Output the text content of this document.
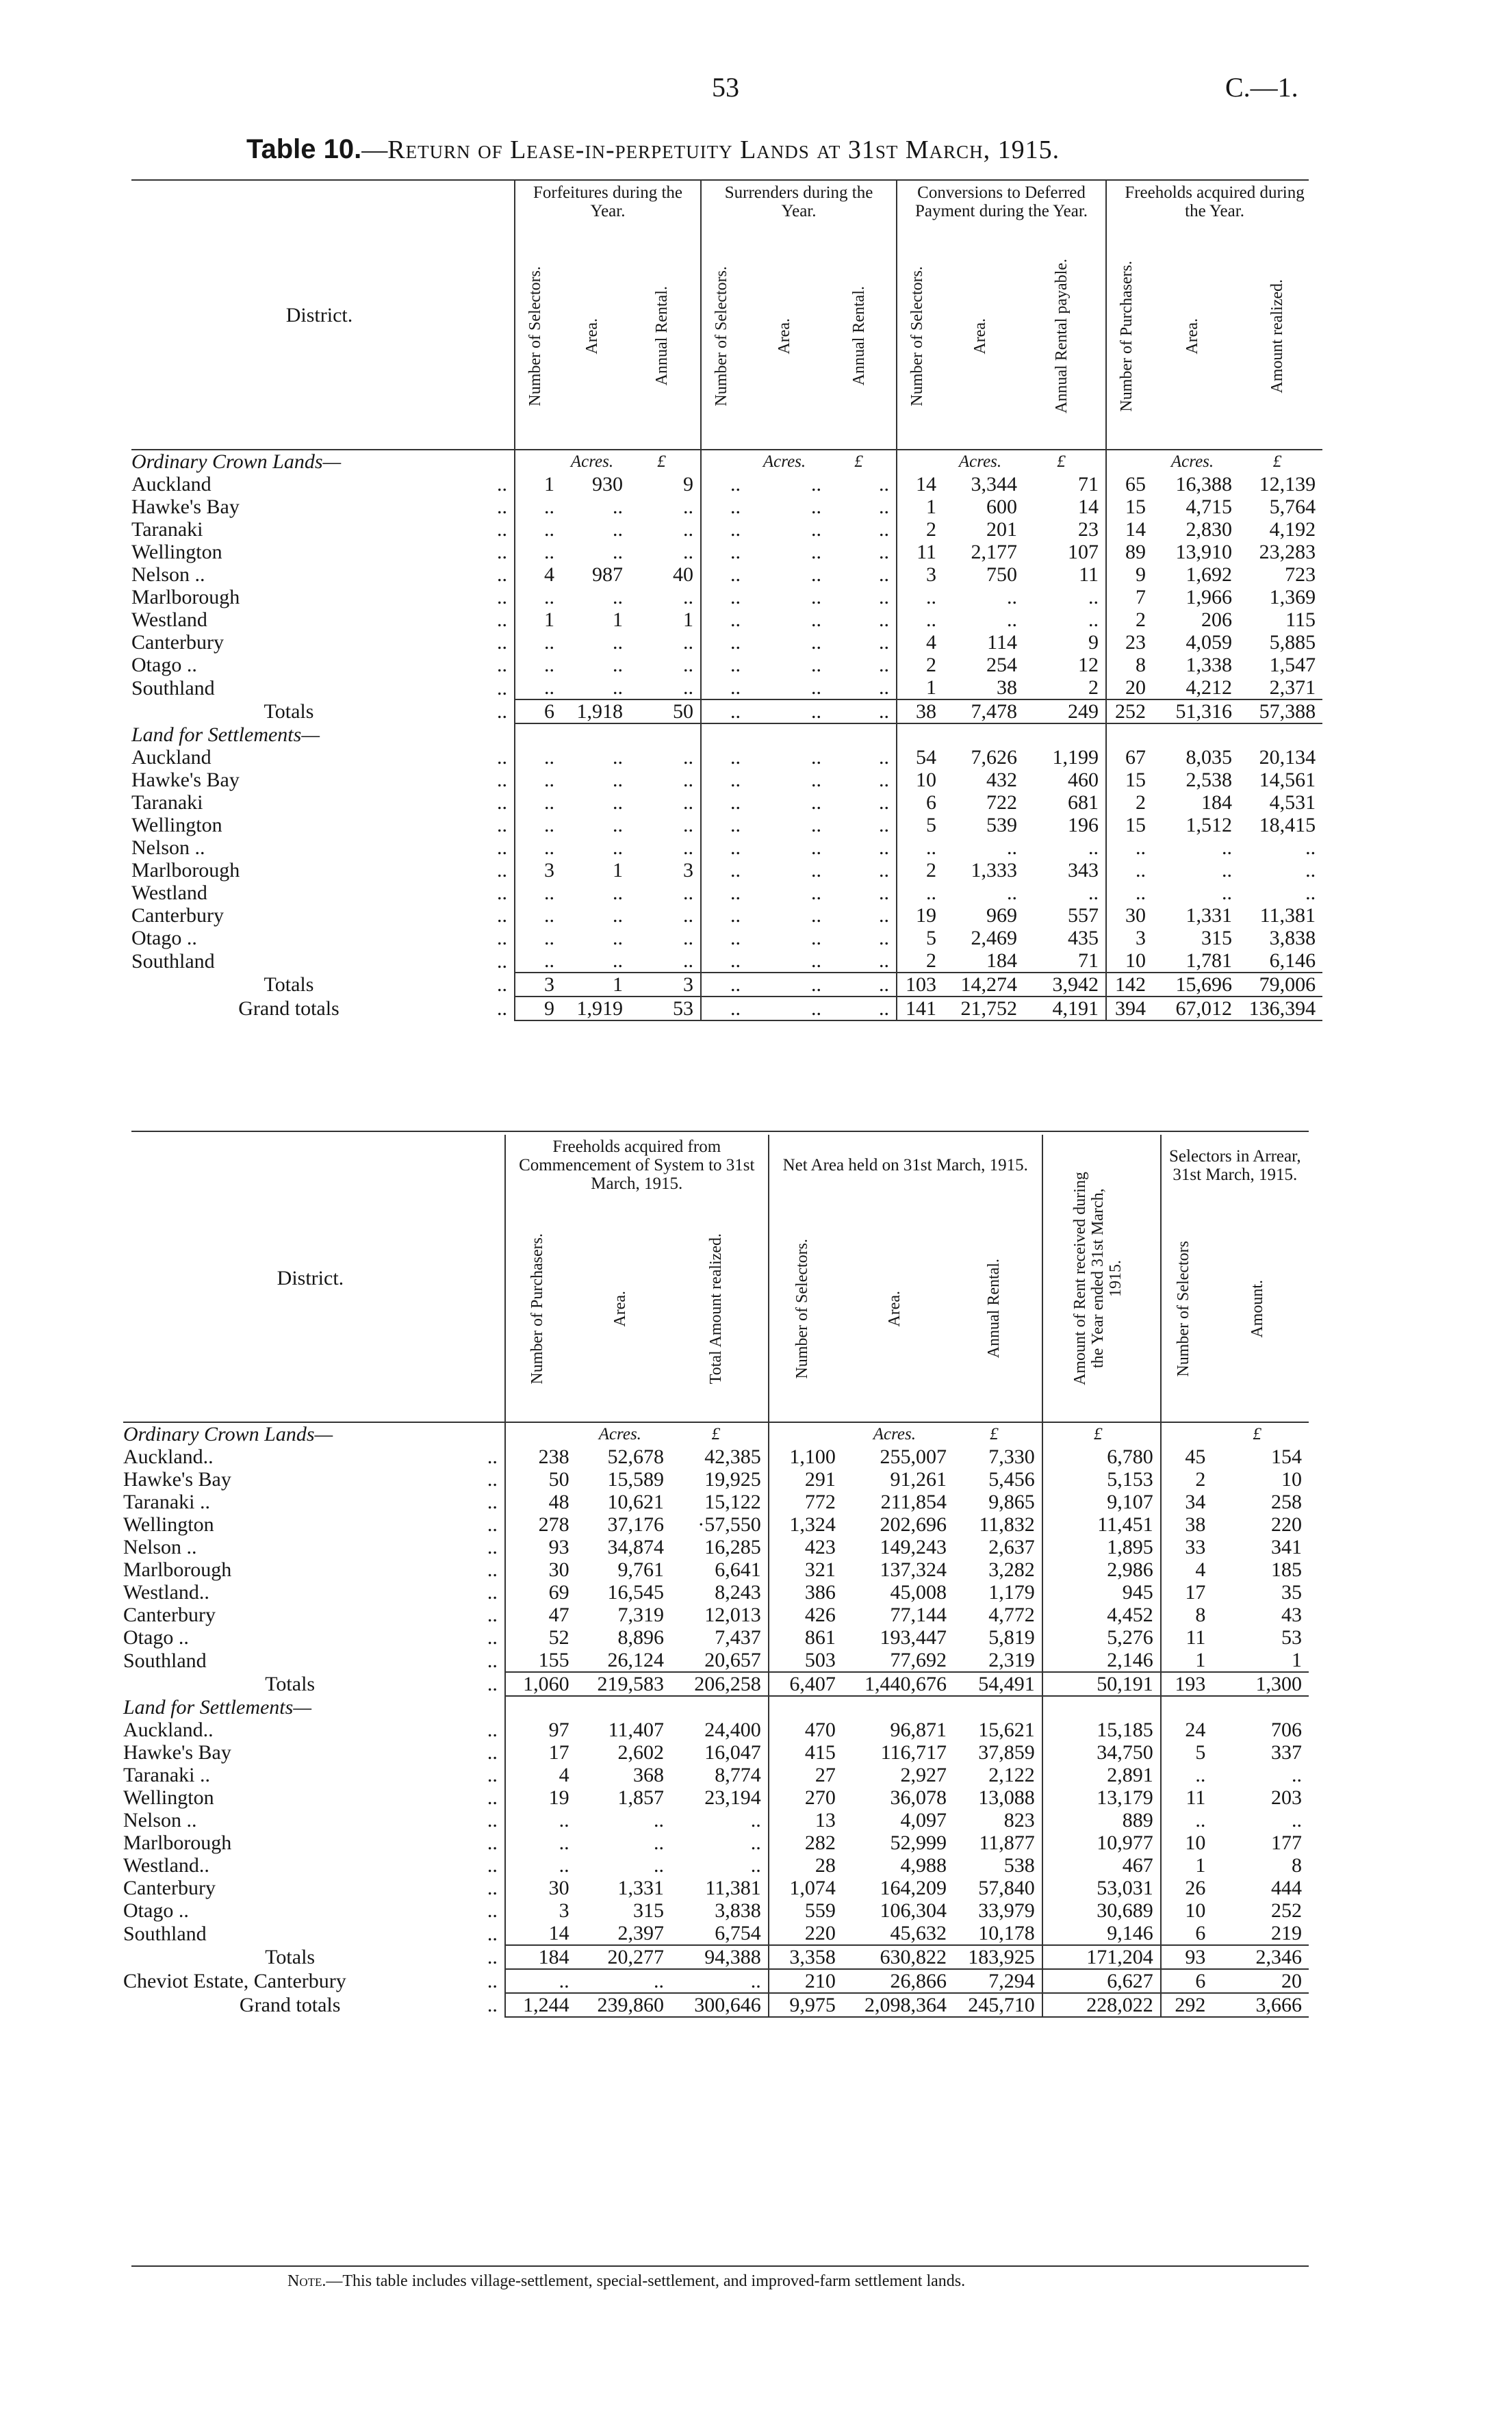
53	C.—1.
Table 10.—Return of Lease-in-perpetuity Lands at 31st March, 1915.
District.		Forfeitures during the Year.			Surrenders during the Year.			Conversions to Deferred Payment during the Year.			Freeholds acquired during the Year.		

		Number of Selectors.	Area.	Annual Rental.	Number of Selectors.	Area.	Annual Rental.	Number of Selectors.	Area.	Annual Rental payable.	Number of Purchasers.	Area.	Amount realized.

Ordinary Crown Lands—			Acres.	£		Acres.	£		Acres.	£		Acres.	£
Auckland	..	1	930	9	..	..	..	14	3,344	71	65	16,388	12,139
Hawke's Bay	..	..	..	..	..	..	..	1	600	14	15	4,715	5,764
Taranaki	..	..	..	..	..	..	..	2	201	23	14	2,830	4,192
Wellington	..	..	..	..	..	..	..	11	2,177	107	89	13,910	23,283
Nelson ..	..	4	987	40	..	..	..	3	750	11	9	1,692	723
Marlborough	..	..	..	..	..	..	..	..	..	..	7	1,966	1,369
Westland	..	1	1	1	..	..	..	..	..	..	2	206	115
Canterbury	..	..	..	..	..	..	..	4	114	9	23	4,059	5,885
Otago ..	..	..	..	..	..	..	..	2	254	12	8	1,338	1,547
Southland	..	..	..	..	..	..	..	1	38	2	20	4,212	2,371
Totals	..	6	1,918	50	..	..	..	38	7,478	249	252	51,316	57,388
Land for Settlements—													
Auckland	..	..	..	..	..	..	..	54	7,626	1,199	67	8,035	20,134
Hawke's Bay	..	..	..	..	..	..	..	10	432	460	15	2,538	14,561
Taranaki	..	..	..	..	..	..	..	6	722	681	2	184	4,531
Wellington	..	..	..	..	..	..	..	5	539	196	15	1,512	18,415
Nelson ..	..	..	..	..	..	..	..	..	..	..	..	..	..
Marlborough	..	3	1	3	..	..	..	2	1,333	343	..	..	..
Westland	..	..	..	..	..	..	..	..	..	..	..	..	..
Canterbury	..	..	..	..	..	..	..	19	969	557	30	1,331	11,381
Otago ..	..	..	..	..	..	..	..	5	2,469	435	3	315	3,838
Southland	..	..	..	..	..	..	..	2	184	71	10	1,781	6,146
Totals	..	3	1	3	..	..	..	103	14,274	3,942	142	15,696	79,006
Grand totals	..	9	1,919	53	..	..	..	141	21,752	4,191	394	67,012	136,394
District.		Freeholds acquired from Commencement of System to 31st March, 1915.			Net Area held on 31st March, 1915.			Amount of Rent received during the Year ended 31st March, 1915.	Selectors in Arrear, 31st March, 1915.	

		Number of Purchasers.	Area.	Total Amount realized.	Number of Selectors.	Area.	Annual Rental.		Number of Selectors	Amount.

Ordinary Crown Lands—			Acres.	£		Acres.	£	£		£
Auckland..	..	238	52,678	42,385	1,100	255,007	7,330	6,780	45	154
Hawke's Bay	..	50	15,589	19,925	291	91,261	5,456	5,153	2	10
Taranaki ..	..	48	10,621	15,122	772	211,854	9,865	9,107	34	258
Wellington	..	278	37,176	·57,550	1,324	202,696	11,832	11,451	38	220
Nelson ..	..	93	34,874	16,285	423	149,243	2,637	1,895	33	341
Marlborough	..	30	9,761	6,641	321	137,324	3,282	2,986	4	185
Westland..	..	69	16,545	8,243	386	45,008	1,179	945	17	35
Canterbury	..	47	7,319	12,013	426	77,144	4,772	4,452	8	43
Otago ..	..	52	8,896	7,437	861	193,447	5,819	5,276	11	53
Southland	..	155	26,124	20,657	503	77,692	2,319	2,146	1	1
Totals	..	1,060	219,583	206,258	6,407	1,440,676	54,491	50,191	193	1,300
Land for Settlements—										
Auckland..	..	97	11,407	24,400	470	96,871	15,621	15,185	24	706
Hawke's Bay	..	17	2,602	16,047	415	116,717	37,859	34,750	5	337
Taranaki ..	..	4	368	8,774	27	2,927	2,122	2,891	..	..
Wellington	..	19	1,857	23,194	270	36,078	13,088	13,179	11	203
Nelson ..	..	..	..	..	13	4,097	823	889	..	..
Marlborough	..	..	..	..	282	52,999	11,877	10,977	10	177
Westland..	..	..	..	..	28	4,988	538	467	1	8
Canterbury	..	30	1,331	11,381	1,074	164,209	57,840	53,031	26	444
Otago ..	..	3	315	3,838	559	106,304	33,979	30,689	10	252
Southland	..	14	2,397	6,754	220	45,632	10,178	9,146	6	219
Totals	..	184	20,277	94,388	3,358	630,822	183,925	171,204	93	2,346
Cheviot Estate, Canterbury	..	..	..	..	210	26,866	7,294	6,627	6	20
Grand totals	..	1,244	239,860	300,646	9,975	2,098,364	245,710	228,022	292	3,666
Note.—This table includes village-settlement, special-settlement, and improved-farm settlement lands.
